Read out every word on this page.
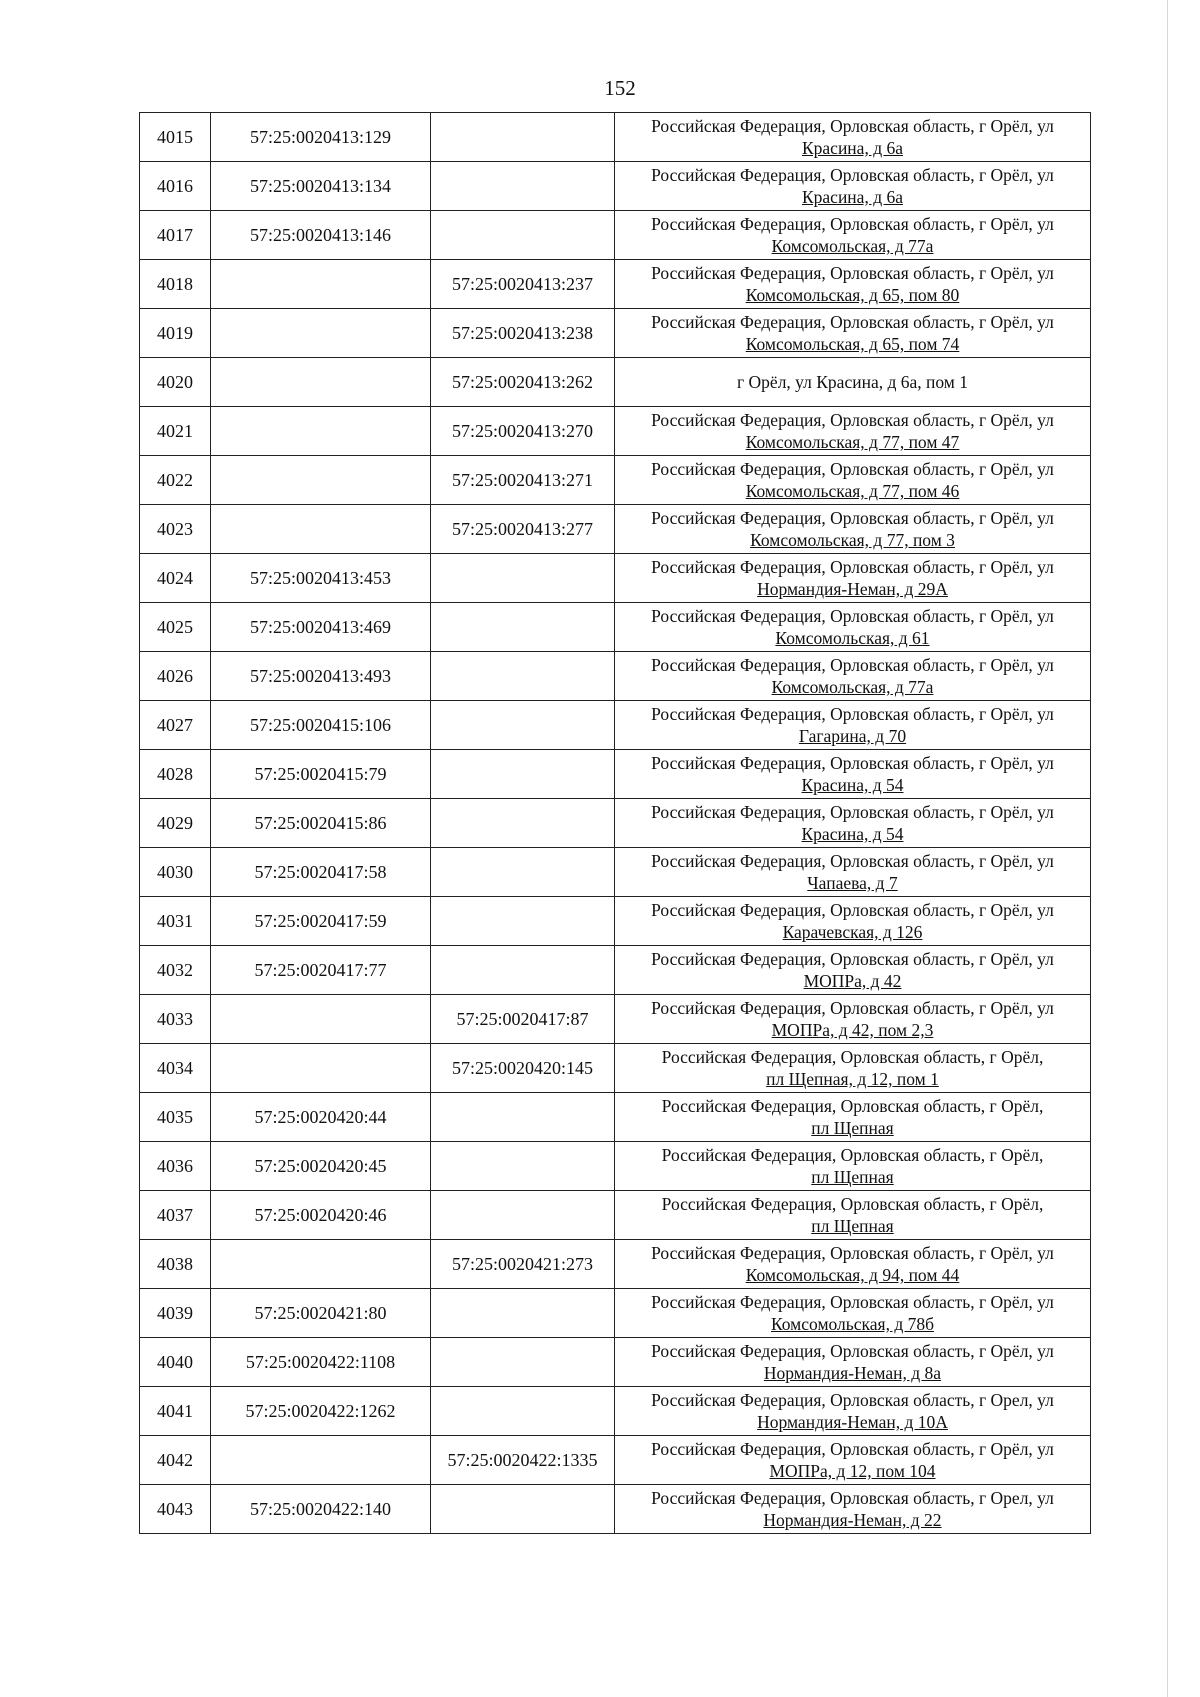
152
4015	57:25:0020413:129		Российская Федерация, Орловская область, г Орёл, ул
Красина, д 6а

4016	57:25:0020413:134		Российская Федерация, Орловская область, г Орёл, ул
Красина, д 6а

4017	57:25:0020413:146		Российская Федерация, Орловская область, г Орёл, ул
Комсомольская, д 77а

4018		57:25:0020413:237	Российская Федерация, Орловская область, г Орёл, ул
Комсомольская, д 65, пом 80

4019		57:25:0020413:238	Российская Федерация, Орловская область, г Орёл, ул
Комсомольская, д 65, пом 74

4020		57:25:0020413:262	г Орёл, ул Красина, д 6а, пом 1

4021		57:25:0020413:270	Российская Федерация, Орловская область, г Орёл, ул
Комсомольская, д 77, пом 47

4022		57:25:0020413:271	Российская Федерация, Орловская область, г Орёл, ул
Комсомольская, д 77, пом 46

4023		57:25:0020413:277	Российская Федерация, Орловская область, г Орёл, ул
Комсомольская, д 77, пом 3

4024	57:25:0020413:453		Российская Федерация, Орловская область, г Орёл, ул
Нормандия-Неман, д 29А

4025	57:25:0020413:469		Российская Федерация, Орловская область, г Орёл, ул
Комсомольская, д 61

4026	57:25:0020413:493		Российская Федерация, Орловская область, г Орёл, ул
Комсомольская, д 77а

4027	57:25:0020415:106		Российская Федерация, Орловская область, г Орёл, ул
Гагарина, д 70

4028	57:25:0020415:79		Российская Федерация, Орловская область, г Орёл, ул
Красина, д 54

4029	57:25:0020415:86		Российская Федерация, Орловская область, г Орёл, ул
Красина, д 54

4030	57:25:0020417:58		Российская Федерация, Орловская область, г Орёл, ул
Чапаева, д 7

4031	57:25:0020417:59		Российская Федерация, Орловская область, г Орёл, ул
Карачевская, д 126

4032	57:25:0020417:77		Российская Федерация, Орловская область, г Орёл, ул
МОПРа, д 42

4033		57:25:0020417:87	Российская Федерация, Орловская область, г Орёл, ул
МОПРа, д 42, пом 2,3

4034		57:25:0020420:145	Российская Федерация, Орловская область, г Орёл,
пл Щепная, д 12, пом 1

4035	57:25:0020420:44		Российская Федерация, Орловская область, г Орёл,
пл Щепная

4036	57:25:0020420:45		Российская Федерация, Орловская область, г Орёл,
пл Щепная

4037	57:25:0020420:46		Российская Федерация, Орловская область, г Орёл,
пл Щепная

4038		57:25:0020421:273	Российская Федерация, Орловская область, г Орёл, ул
Комсомольская, д 94, пом 44

4039	57:25:0020421:80		Российская Федерация, Орловская область, г Орёл, ул
Комсомольская, д 78б

4040	57:25:0020422:1108		Российская Федерация, Орловская область, г Орёл, ул
Нормандия-Неман, д 8а

4041	57:25:0020422:1262		Российская Федерация, Орловская область, г Орел, ул
Нормандия-Неман, д 10А

4042		57:25:0020422:1335	Российская Федерация, Орловская область, г Орёл, ул
МОПРа, д 12, пом 104

4043	57:25:0020422:140		Российская Федерация, Орловская область, г Орел, ул
Нормандия-Неман, д 22
